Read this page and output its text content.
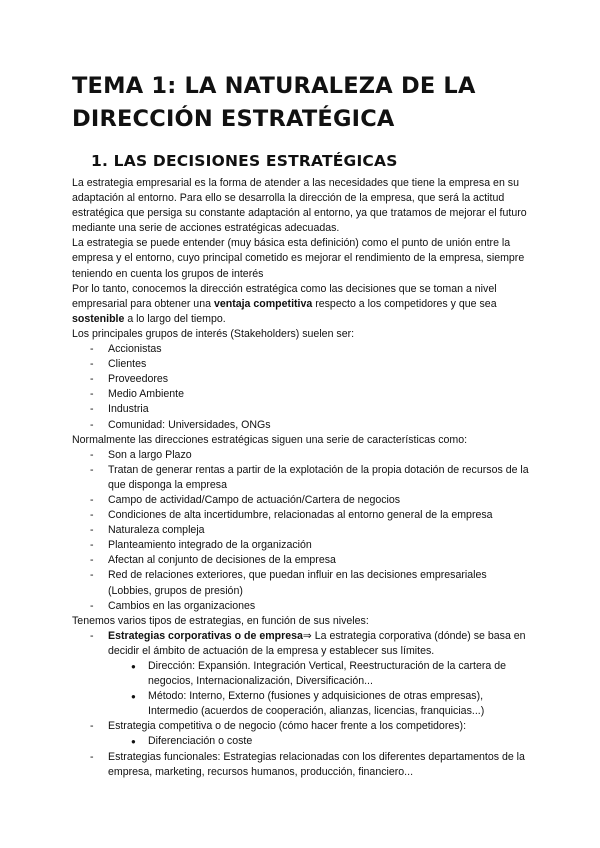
TEMA 1: LA NATURALEZA DE LA DIRECCIÓN ESTRATÉGICA
1. LAS DECISIONES ESTRATÉGICAS

La estrategia empresarial es la forma de atender a las necesidades que tiene la empresa en su adaptación al entorno. Para ello se desarrolla la dirección de la empresa, que será la actitud estratégica que persiga su constante adaptación al entorno, ya que tratamos de mejorar el futuro mediante una serie de acciones estratégicas adecuadas.

La estrategia se puede entender (muy básica esta definición) como el punto de unión entre la empresa y el entorno, cuyo principal cometido es mejorar el rendimiento de la empresa, siempre teniendo en cuenta los grupos de interés

Por lo tanto, conocemos la dirección estratégica como las decisiones que se toman a nivel empresarial para obtener una ventaja competitiva respecto a los competidores y que sea sostenible a lo largo del tiempo.

Los principales grupos de interés (Stakeholders) suelen ser:

- Accionistas
- Clientes
- Proveedores
- Medio Ambiente
- Industria
- Comunidad: Universidades, ONGs

Normalmente las direcciones estratégicas siguen una serie de características como:

- Son a largo Plazo
- Tratan de generar rentas a partir de la explotación de la propia dotación de recursos de la que disponga la empresa
- Campo de actividad/Campo de actuación/Cartera de negocios
- Condiciones de alta incertidumbre, relacionadas al entorno general de la empresa
- Naturaleza compleja
- Planteamiento integrado de la organización
- Afectan al conjunto de decisiones de la empresa
- Red de relaciones exteriores, que puedan influir en las decisiones empresariales (Lobbies, grupos de presión)
- Cambios en las organizaciones

Tenemos varios tipos de estrategias, en función de sus niveles:

- Estrategias corporativas o de empresa⇒ La estrategia corporativa (dónde) se basa en decidir el ámbito de actuación de la empresa y establecer sus límites.
● Dirección: Expansión. Integración Vertical, Reestructuración de la cartera de negocios, Internacionalización, Diversificación...
● Método: Interno, Externo (fusiones y adquisiciones de otras empresas), Intermedio (acuerdos de cooperación, alianzas, licencias, franquicias...)
- Estrategia competitiva o de negocio (cómo hacer frente a los competidores):
● Diferenciación o coste
- Estrategias funcionales: Estrategias relacionadas con los diferentes departamentos de la empresa, marketing, recursos humanos, producción, financiero...
